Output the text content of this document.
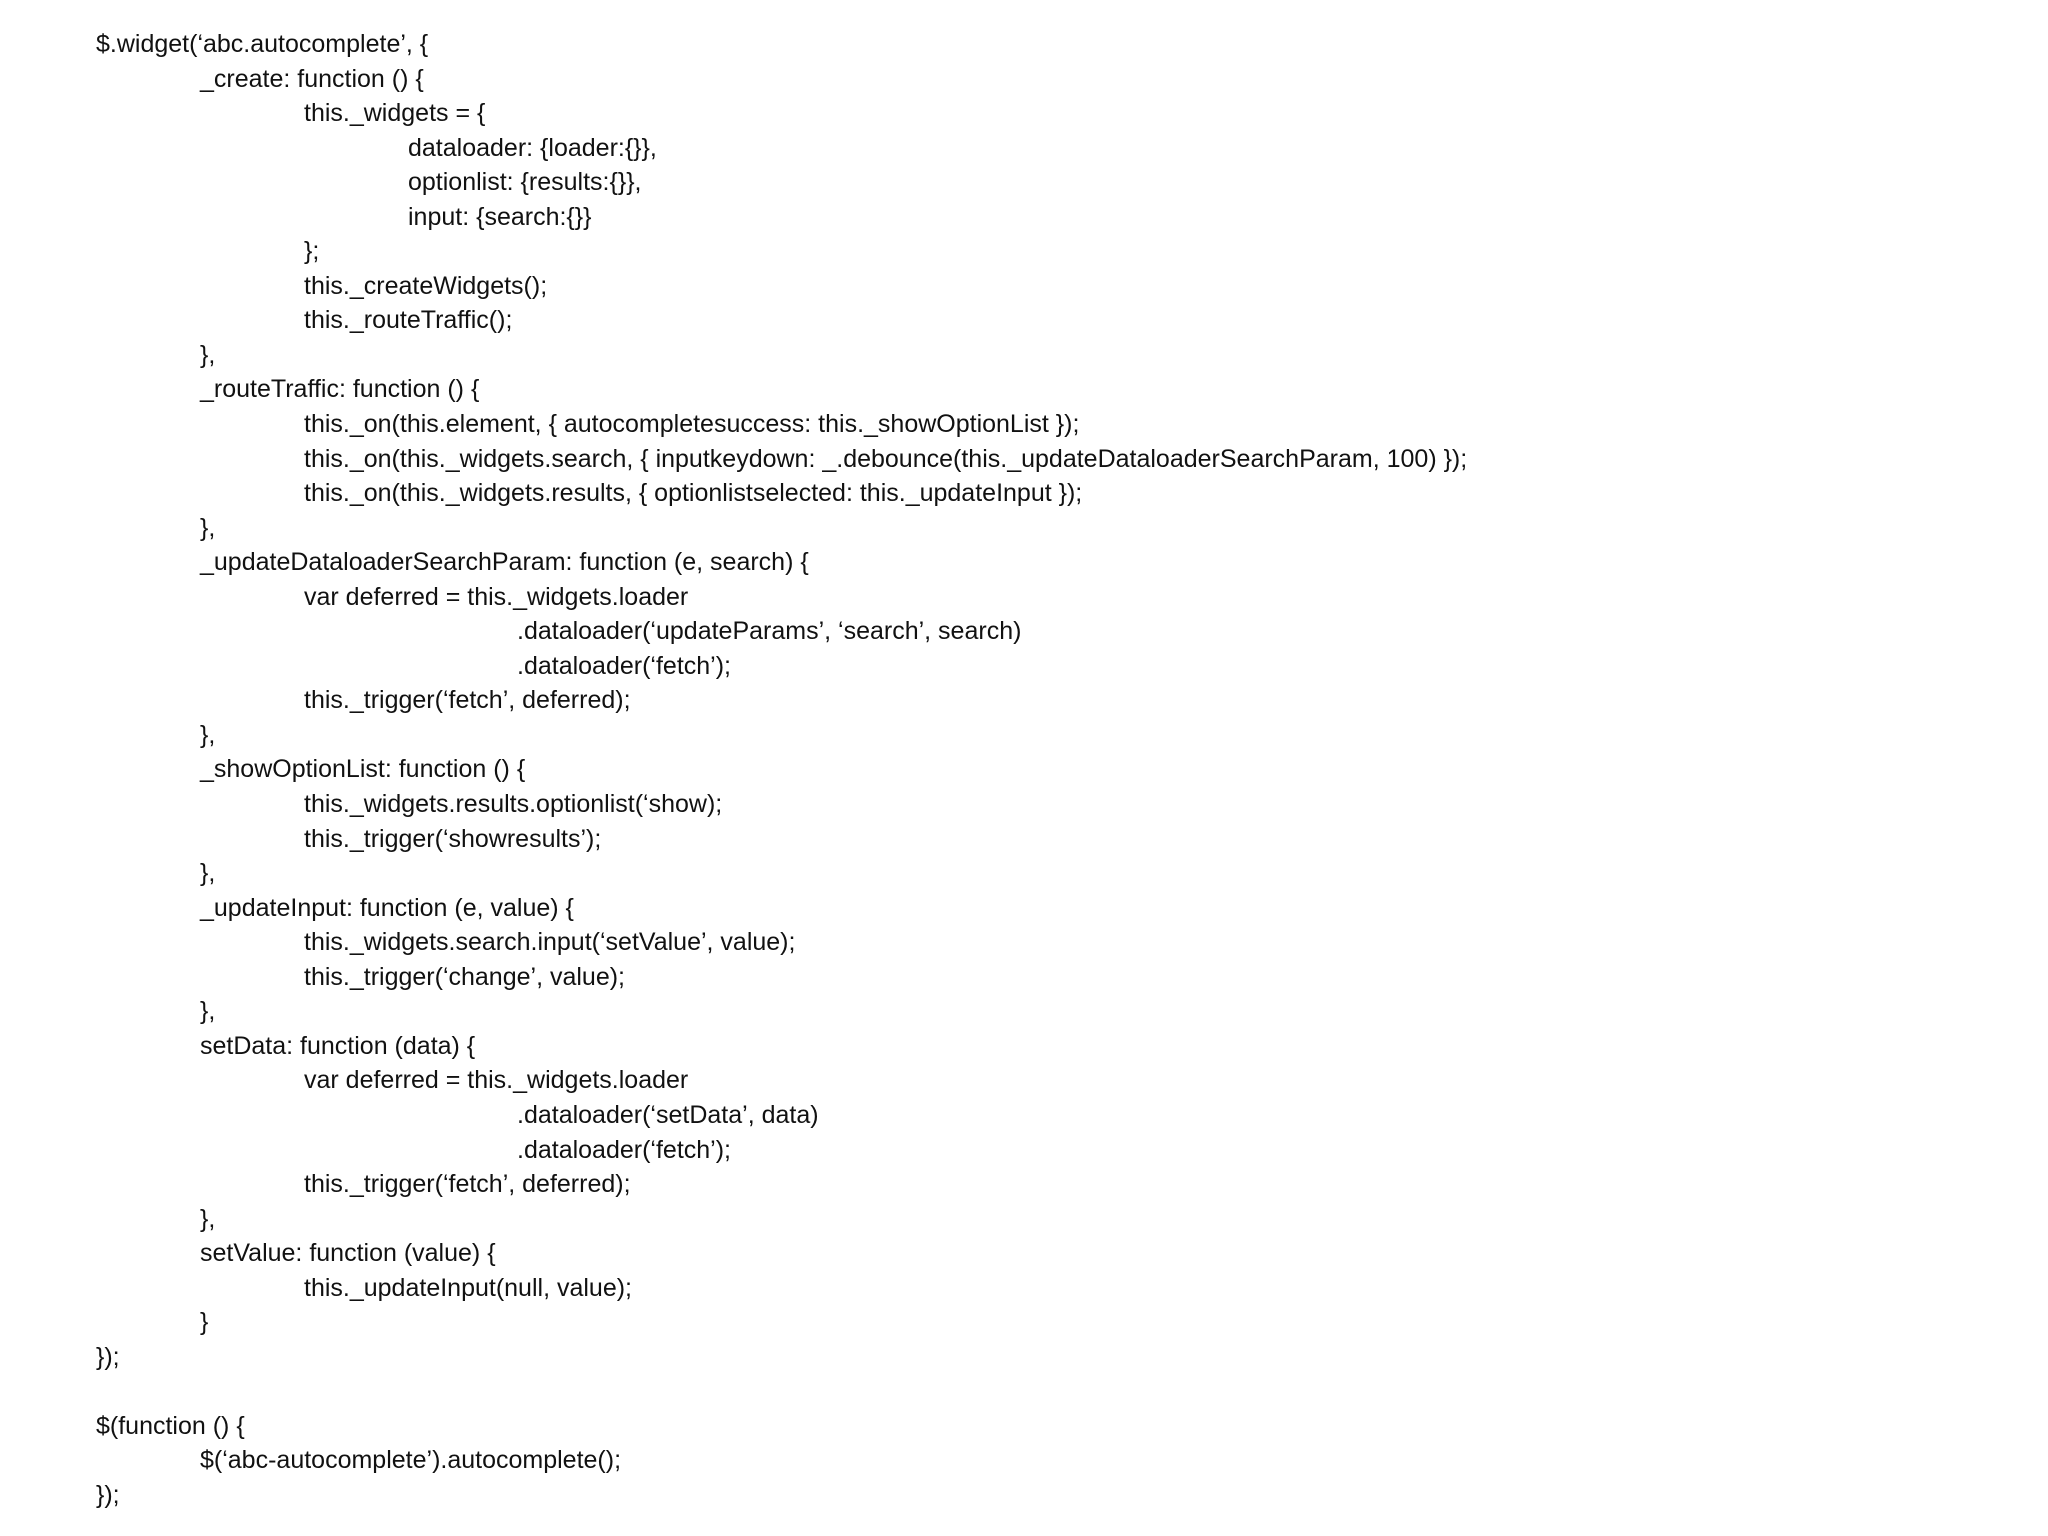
$.widget(‘abc.autocomplete’, {
_create: function () {
this._widgets = {
dataloader: {loader:{}},
optionlist: {results:{}},
input: {search:{}}
};
this._createWidgets();
this._routeTraffic();
},
_routeTraffic: function () {
this._on(this.element, { autocompletesuccess: this._showOptionList });
this._on(this._widgets.search, { inputkeydown: _.debounce(this._updateDataloaderSearchParam, 100) });
this._on(this._widgets.results, { optionlistselected: this._updateInput });
},
_updateDataloaderSearchParam: function (e, search) {
var deferred = this._widgets.loader
.dataloader(‘updateParams’, ‘search’, search)
.dataloader(‘fetch’);
this._trigger(‘fetch’, deferred);
},
_showOptionList: function () {
this._widgets.results.optionlist(‘show);
this._trigger(‘showresults’);
},
_updateInput: function (e, value) {
this._widgets.search.input(‘setValue’, value);
this._trigger(‘change’, value);
},
setData: function (data) {
var deferred = this._widgets.loader
.dataloader(‘setData’, data)
.dataloader(‘fetch’);
this._trigger(‘fetch’, deferred);
},
setValue: function (value) {
this._updateInput(null, value);
}
});
$(function () {
$(‘abc-autocomplete’).autocomplete();
});
